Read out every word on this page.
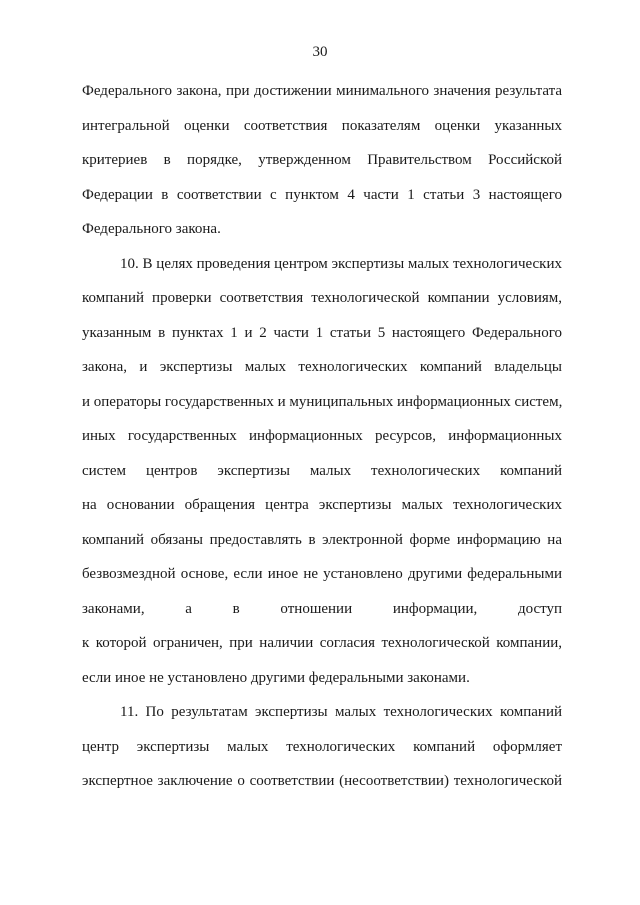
30
Федерального закона, при достижении минимального значения результата
интегральной оценки соответствия показателям оценки указанных
критериев в порядке, утвержденном Правительством Российской
Федерации в соответствии с пунктом 4 части 1 статьи 3 настоящего
Федерального закона.
10. В целях проведения центром экспертизы малых технологических
компаний проверки соответствия технологической компании условиям,
указанным в пунктах 1 и 2 части 1 статьи 5 настоящего Федерального
закона, и экспертизы малых технологических компаний владельцы
и операторы государственных и муниципальных информационных систем,
иных государственных информационных ресурсов, информационных
систем центров экспертизы малых технологических компаний
на основании обращения центра экспертизы малых технологических
компаний обязаны предоставлять в электронной форме информацию на
безвозмездной основе, если иное не установлено другими федеральными
законами, а в отношении информации, доступ
к которой ограничен, при наличии согласия технологической компании,
если иное не установлено другими федеральными законами.
11. По результатам экспертизы малых технологических компаний
центр экспертизы малых технологических компаний оформляет
экспертное заключение о соответствии (несоответствии) технологической
